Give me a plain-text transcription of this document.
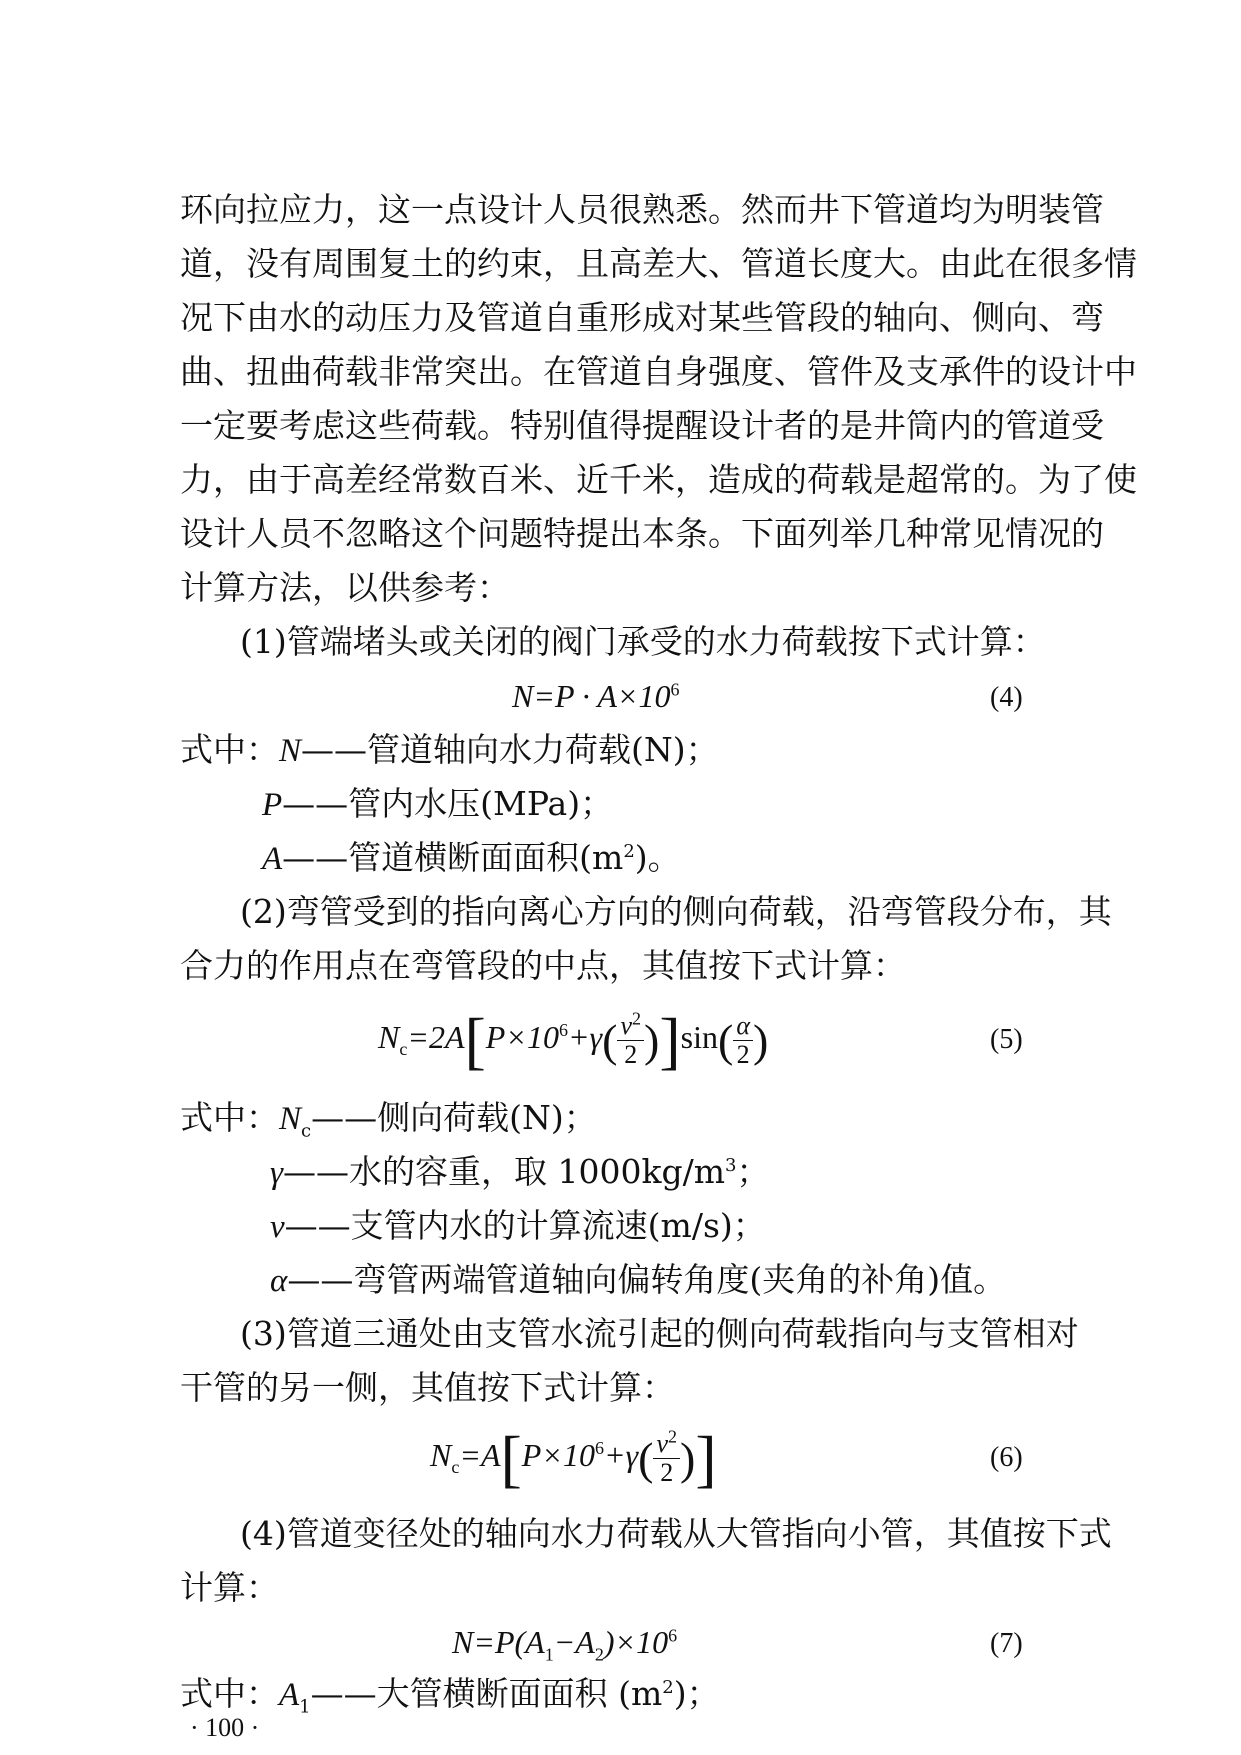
环向拉应力，这一点设计人员很熟悉。然而井下管道均为明装管
道，没有周围复土的约束，且高差大、管道长度大。由此在很多情
况下由水的动压力及管道自重形成对某些管段的轴向、侧向、弯
曲、扭曲荷载非常突出。在管道自身强度、管件及支承件的设计中
一定要考虑这些荷载。特别值得提醒设计者的是井筒内的管道受
力，由于高差经常数百米、近千米，造成的荷载是超常的。为了使
设计人员不忽略这个问题特提出本条。下面列举几种常见情况的
计算方法，以供参考：
(1)管端堵头或关闭的阀门承受的水力荷载按下式计算：
$N=P \cdot A\times 10^6$	(4)
式中：N——管道轴向水力荷载(N)；
P——管内水压(MPa)；
A——管道横断面面积$(m^2)$。
(2)弯管受到的指向离心方向的侧向荷载，沿弯管段分布，其
合力的作用点在弯管段的中点，其值按下式计算：
$N_c=2A[P\times 10^6+\gamma( \frac{v^2}{2} )]\sin( \frac{\alpha}{2}$ )	(5)
式中：$N_c——$侧向荷载(N)；
γ——水的容重，取 $1000kg/m^3$；
v——支管内水的计算流速(m/s)；
α——弯管两端管道轴向偏转角度(夹角的补角)值。
(3)管道三通处由支管水流引起的侧向荷载指向与支管相对
干管的另一侧，其值按下式计算：
$N_c=A[P\times 10^6+\gamma( \frac{v^2}{2}$ )]	(6)
(4)管道变径处的轴向水力荷载从大管指向小管，其值按下式
计算：
$N=P(A_1-A_2)\times 10^6$	(7)
式中：$A_1——$大管横断面面积 $(m^2)$；
· 100 ·
